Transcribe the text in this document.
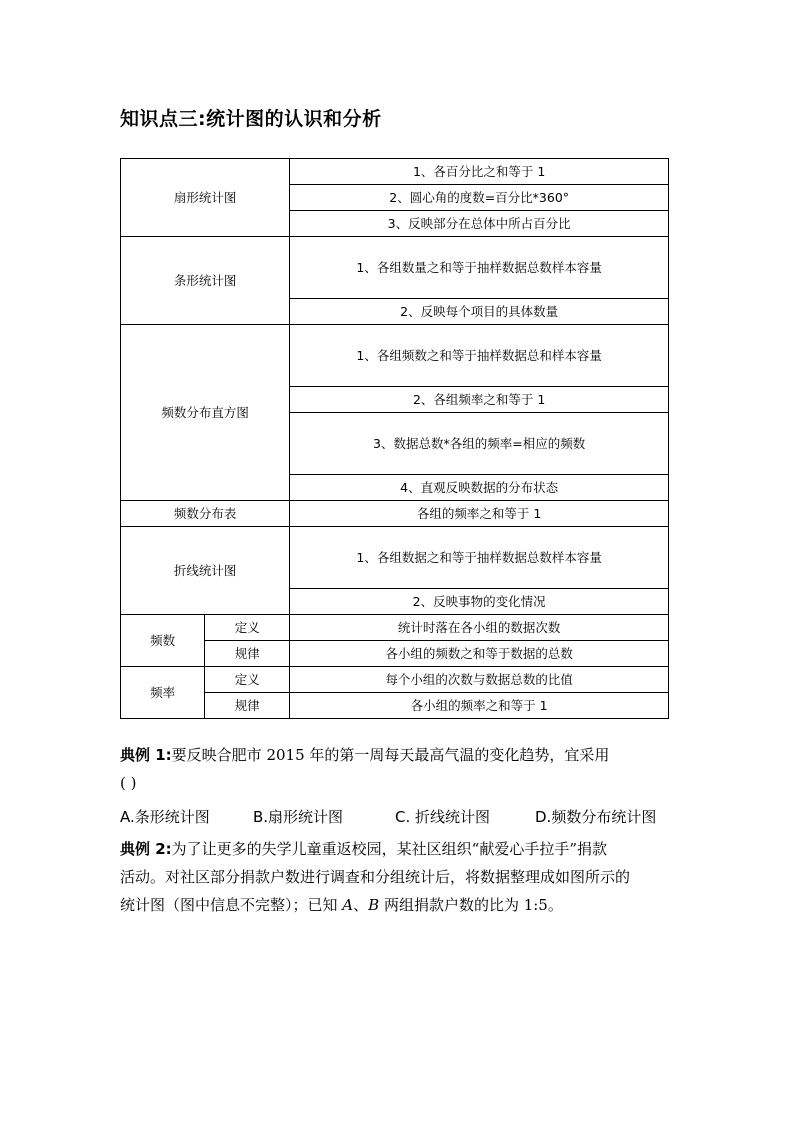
知识点三:统计图的认识和分析
扇形统计图		1、各百分比之和等于 1
		2、圆心角的度数=百分比*360°
		3、反映部分在总体中所占百分比
条形统计图		1、各组数量之和等于抽样数据总数样本容量
		2、反映每个项目的具体数量
频数分布直方图		1、各组频数之和等于抽样数据总和样本容量
		2、各组频率之和等于 1
		3、数据总数*各组的频率=相应的频数
		4、直观反映数据的分布状态
频数分布表		各组的频率之和等于 1
折线统计图		1、各组数据之和等于抽样数据总数样本容量
		2、反映事物的变化情况
频数	定义	统计时落在各小组的数据次数
	规律	各小组的频数之和等于数据的总数
频率	定义	每个小组的次数与数据总数的比值
	规律	各小组的频率之和等于 1
典例 1:要反映合肥市 2015 年的第一周每天最高气温的变化趋势，宜采用
( )
A.条形统计图	B.扇形统计图	C. 折线统计图	D.频数分布统计图
典例 2:为了让更多的失学儿童重返校园，某社区组织“献爱心手拉手”捐款
活动。对社区部分捐款户数进行调查和分组统计后，将数据整理成如图所示的
统计图（图中信息不完整）；已知 A、B 两组捐款户数的比为 1:5。
